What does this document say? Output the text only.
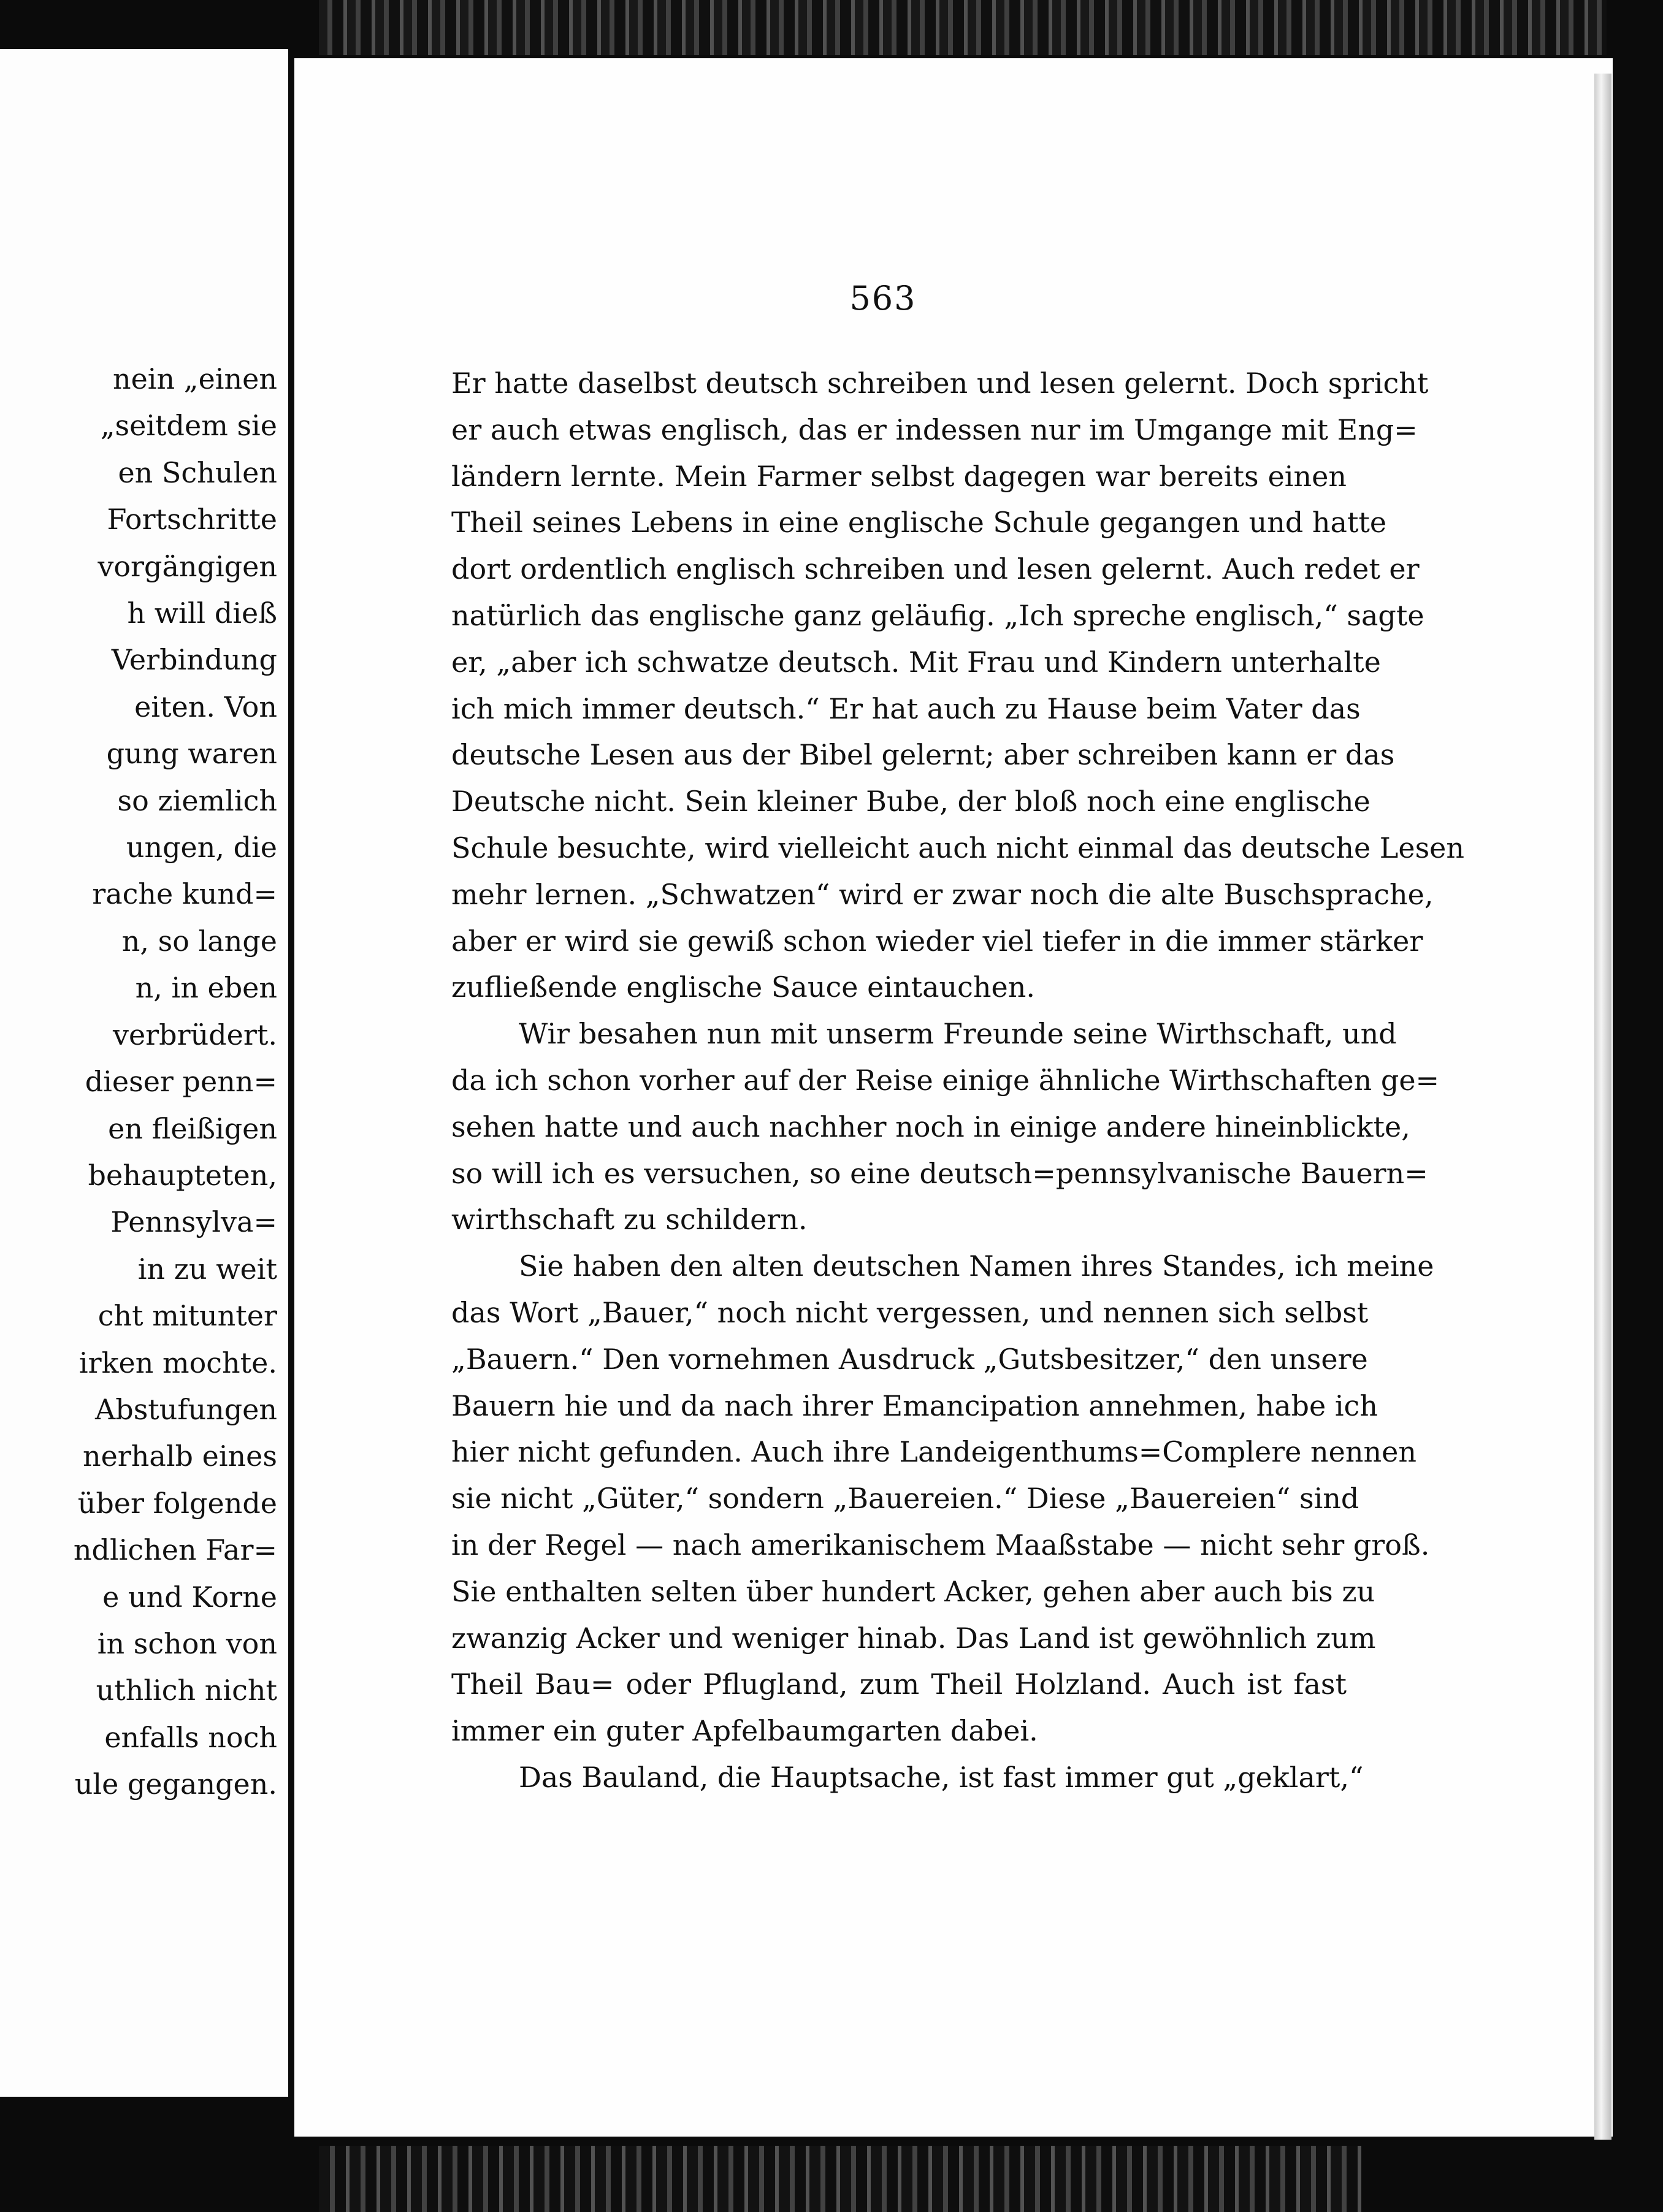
nein „einen
„seitdem sie
en Schulen
Fortschritte
vorgängigen
h will dieß
Verbindung
eiten. Von
gung waren
so ziemlich
ungen, die
rache kund=
n, so lange
n, in eben
verbrüdert.
dieser penn=
en fleißigen
behaupteten,
Pennsylva=
in zu weit
cht mitunter
irken mochte.
Abstufungen
nerhalb eines
über folgende
ndlichen Far=
e und Korne
in schon von
uthlich nicht
enfalls noch
ule gegangen.
563
Er hatte daselbst deutsch schreiben und lesen gelernt. Doch spricht
er auch etwas englisch, das er indessen nur im Umgange mit Eng=
ländern lernte. Mein Farmer selbst dagegen war bereits einen
Theil seines Lebens in eine englische Schule gegangen und hatte
dort ordentlich englisch schreiben und lesen gelernt. Auch redet er
natürlich das englische ganz geläufig. „Ich spreche englisch,“ sagte
er, „aber ich schwatze deutsch. Mit Frau und Kindern unterhalte
ich mich immer deutsch.“ Er hat auch zu Hause beim Vater das
deutsche Lesen aus der Bibel gelernt; aber schreiben kann er das
Deutsche nicht. Sein kleiner Bube, der bloß noch eine englische
Schule besuchte, wird vielleicht auch nicht einmal das deutsche Lesen
mehr lernen. „Schwatzen“ wird er zwar noch die alte Buschsprache,
aber er wird sie gewiß schon wieder viel tiefer in die immer stärker
zufließende englische Sauce eintauchen.
Wir besahen nun mit unserm Freunde seine Wirthschaft, und
da ich schon vorher auf der Reise einige ähnliche Wirthschaften ge=
sehen hatte und auch nachher noch in einige andere hineinblickte,
so will ich es versuchen, so eine deutsch=pennsylvanische Bauern=
wirthschaft zu schildern.
Sie haben den alten deutschen Namen ihres Standes, ich meine
das Wort „Bauer,“ noch nicht vergessen, und nennen sich selbst
„Bauern.“ Den vornehmen Ausdruck „Gutsbesitzer,“ den unsere
Bauern hie und da nach ihrer Emancipation annehmen, habe ich
hier nicht gefunden. Auch ihre Landeigenthums=Complere nennen
sie nicht „Güter,“ sondern „Bauereien.“ Diese „Bauereien“ sind
in der Regel — nach amerikanischem Maaßstabe — nicht sehr groß.
Sie enthalten selten über hundert Acker, gehen aber auch bis zu
zwanzig Acker und weniger hinab. Das Land ist gewöhnlich zum
Theil Bau= oder Pflugland, zum Theil Holzland. Auch ist fast
immer ein guter Apfelbaumgarten dabei.
Das Bauland, die Hauptsache, ist fast immer gut „geklart,“
